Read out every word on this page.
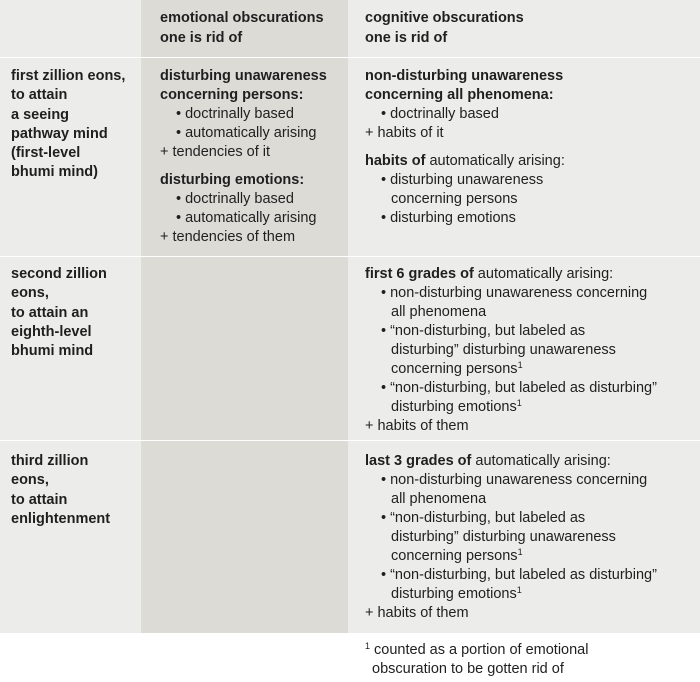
emotional obscurations
one is rid of
cognitive obscurations
one is rid of
first zillion eons,
to attain
a seeing
pathway mind
(first-level
bhumi mind)
disturbing unawareness
concerning persons:
• doctrinally based
• automatically arising
+ tendencies of it
disturbing emotions:
• doctrinally based
• automatically arising
+ tendencies of them
non-disturbing unawareness
concerning all phenomena:
• doctrinally based
+ habits of it
habits of automatically arising:
• disturbing unawareness
concerning persons
• disturbing emotions
second zillion
eons,
to attain an
eighth-level
bhumi mind
first 6 grades of automatically arising:
• non-disturbing unawareness concerning
all phenomena
• “non-disturbing, but labeled as
disturbing” disturbing unawareness
concerning persons$^1$
• “non-disturbing, but labeled as disturbing”
disturbing emotions$^1$
+ habits of them
third zillion
eons,
to attain
enlightenment
last 3 grades of automatically arising:
• non-disturbing unawareness concerning
all phenomena
• “non-disturbing, but labeled as
disturbing” disturbing unawareness
concerning persons$^1$
• “non-disturbing, but labeled as disturbing”
disturbing emotions$^1$
+ habits of them
$^1$ counted as a portion of emotional
obscuration to be gotten rid of
